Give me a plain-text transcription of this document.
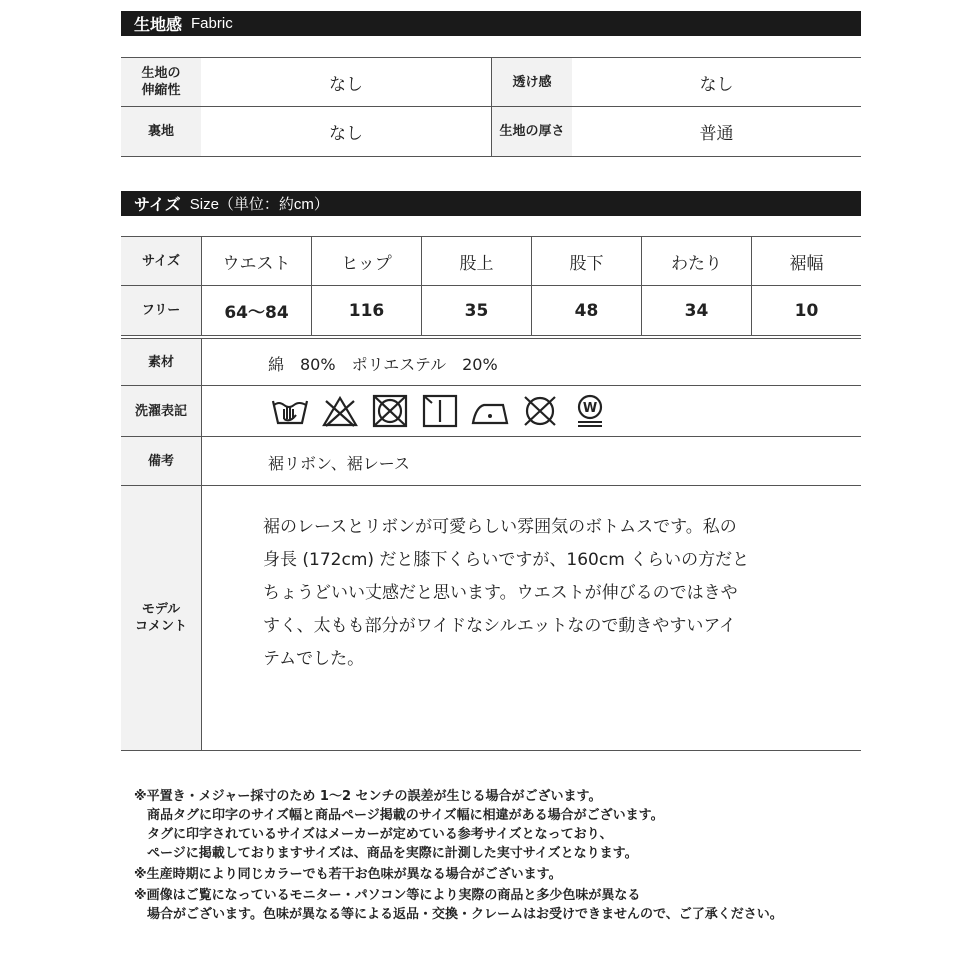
生地感 Fabric
生地の
伸縮性	なし	透け感	なし
裏地	なし	生地の厚さ	普通
サイズ Size（単位：約cm）
サイズ	ウエスト	ヒップ	股上	股下	わたり	裾幅
フリー	64〜84	116	35	48	34	10
素材	綿　80%　ポリエステル　20%
洗濯表記	W
備考	裾リボン、裾レース
モデル
コメント

裾のレースとリボンが可愛らしい雰囲気のボトムスです。私の

身長 (172cm) だと膝下くらいですが、160cm くらいの方だと

ちょうどいい丈感だと思います。ウエストが伸びるのではきや

すく、太もも部分がワイドなシルエットなので動きやすいアイ

テムでした。

※平置き・メジャー採寸のため 1〜2 センチの誤差が生じる場合がございます。
　商品タグに印字のサイズ幅と商品ページ掲載のサイズ幅に相違がある場合がございます。
　タグに印字されているサイズはメーカーが定めている参考サイズとなっており、
　ページに掲載しておりますサイズは、商品を実際に計測した実寸サイズとなります。
※生産時期により同じカラーでも若干お色味が異なる場合がございます。
※画像はご覧になっているモニター・パソコン等により実際の商品と多少色味が異なる
　場合がございます。色味が異なる等による返品・交換・クレームはお受けできませんので、ご了承ください。
